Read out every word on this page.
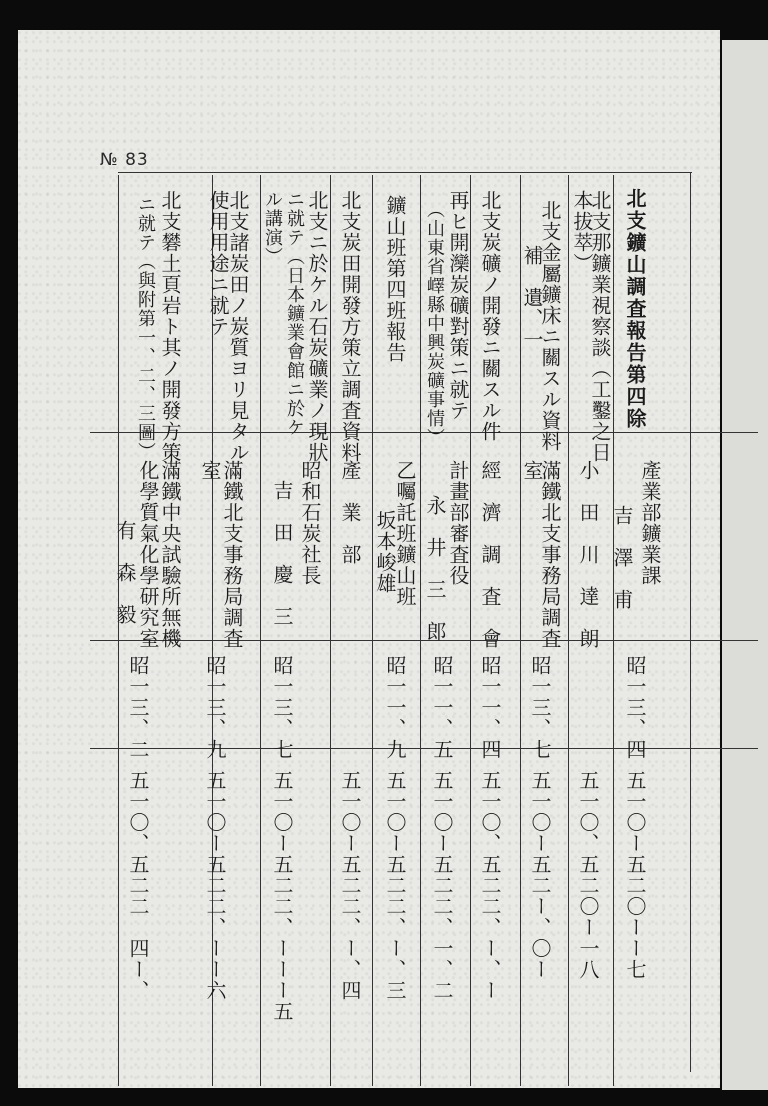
№ 83
北支鑛山調査報告第四除
產業部鑛業課
吉　澤　甫
昭一三、四
五一〇ー五二〇ーー七
北支那鑛業視察談（工鑿之日
本拔萃）
小　田　川　達　朗
五一〇、五二〇ー一八
北支金屬鑛床ニ關スル資料
補　遺、一
滿鐵北支事務局調査
室
昭一三、七
五一〇ー五二ー、〇ー
北支炭礦ノ開發ニ關スル件
經　濟　調　査　會
昭一一、四
五一〇、五二二、ー、ー
再ヒ開灤炭礦對策ニ就テ
（山東省嶧縣中興炭礦事情）
計畫部審査役
永　井　三　郎
昭一一、五
五一〇ー五二二、一、二
鑛山班第四班報告
乙囑託班鑛山班
坂本峻雄
昭一一、九
五一〇ー五二二、ー、三
北支炭田開發方策立調査資料
產　業　部
五一〇ー五二二、ー、四
北支ニ於ケル石炭礦業ノ現狀
ニ就テ（日本鑛業會館ニ於ケ
ル講演）
昭和石炭社長
吉　田　慶　三
昭一三、七
五一〇ー五二二、ーーー五
北支諸炭田ノ炭質ヨリ見タル
使用用途ニ就テ
滿鐵北支事務局調査
室
昭一三、九
五一〇ー五二二、ーー六
北支礬土頁岩ト其ノ開發方策
ニ就テ（與附第一、二、三圖）
滿鐵中央試驗所無機
化學質氣化學研究室
有　森　毅
昭一三、二
五一〇、五二二　四ー、
